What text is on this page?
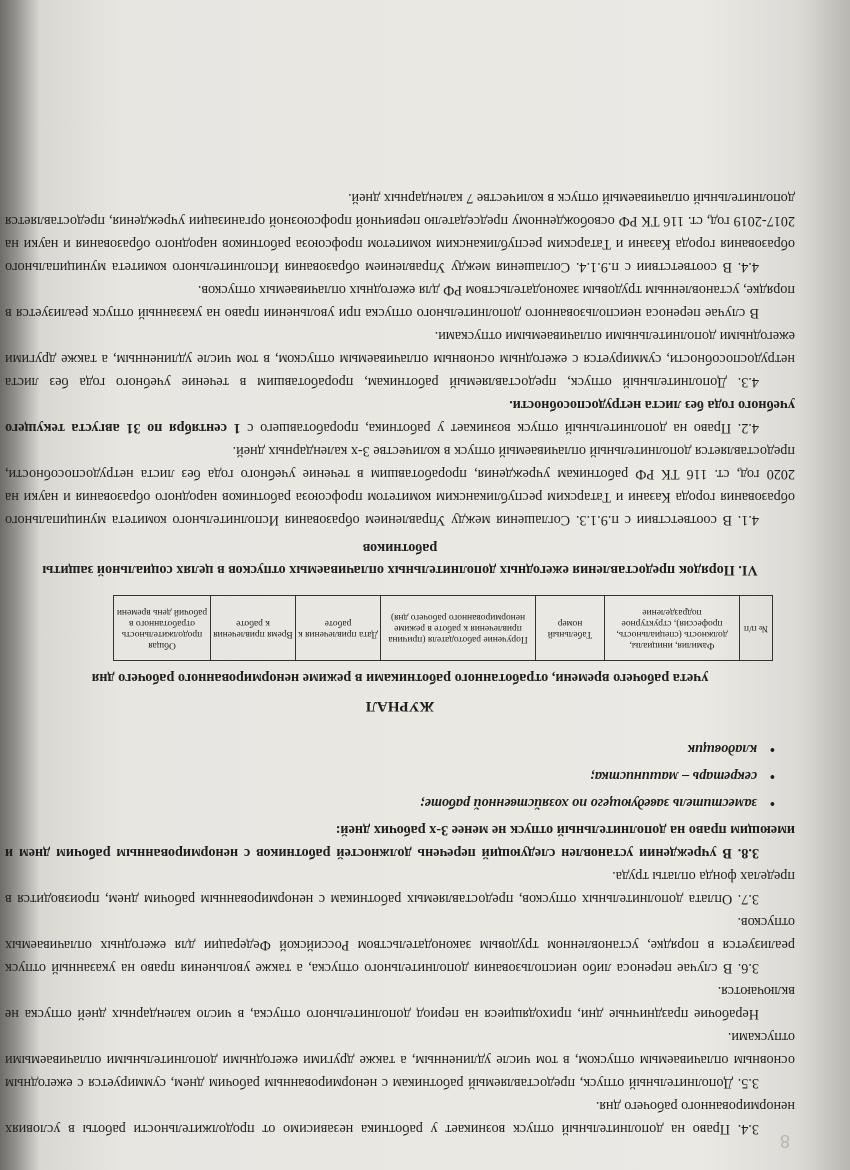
3.4. Право на дополнительный отпуск возникает у работника независимо от продолжительности работы в условиях ненормированного рабочего дня.

3.5. Дополнительный отпуск, предоставляемый работникам с ненормированным рабочим днем, суммируется с ежегодным основным оплачиваемым отпуском, в том числе удлиненным, а также другими ежегодными дополнительными оплачиваемыми отпусками.

Нерабочие праздничные дни, приходящиеся на период дополнительного отпуска, в число календарных дней отпуска не включаются.

3.6. В случае переноса либо неиспользования дополнительного отпуска, а также увольнения право на указанный отпуск реализуется в порядке, установленном трудовым законодательством Российской Федерации для ежегодных оплачиваемых отпусков.

3.7. Оплата дополнительных отпусков, предоставляемых работникам с ненормированным рабочим днем, производится в пределах фонда оплаты труда.

3.8. В учреждении установлен следующий перечень должностей работников с ненормированным рабочим днем и имеющим право на дополнительный отпуск не менее 3-х рабочих дней:

•заместитель заведующего по хозяйственной работе;
•секретарь – машинистка;
•кладовщик
ЖУРНАЛ
учета рабочего времени, отработанного работниками в режиме ненормированного рабочего дня
№ п/п	Фамилия, инициалы, должность (специальность, профессия), структурное подразделение	Табельный номер	Поручение работодателя (причина привлечения к работе в режиме ненормированного рабочего дня)	Дата привлечения к работе	Время привлечения к работе	Общая продолжительность отработанного в рабочий день времени

VI. Порядок предоставления ежегодных дополнительных оплачиваемых отпусков в целях социальной защиты работников

4.1. В соответствии с п.9.1.3. Соглашения между Управлением образования Исполнительного комитета муниципального образования города Казани и Татарским республиканским комитетом профсоюза работников народного образования и науки на 2020 год, ст. 116 ТК РФ работникам учреждения, проработавшим в течение учебного года без листа нетрудоспособности, предоставляется дополнительный оплачиваемый отпуск в количестве 3-х календарных дней.

4.2. Право на дополнительный отпуск возникает у работника, проработавшего с 1 сентября по 31 августа текущего учебного года без листа нетрудоспособности.

4.3. Дополнительный отпуск, предоставляемый работникам, проработавшим в течение учебного года без листа нетрудоспособности, суммируется с ежегодным основным оплачиваемым отпуском, в том числе удлиненным, а также другими ежегодными дополнительными оплачиваемыми отпусками.

В случае переноса неиспользованного дополнительного отпуска при увольнении право на указанный отпуск реализуется в порядке, установленным трудовым законодательством РФ для ежегодных оплачиваемых отпусков.

4.4. В соответствии с п.9.1.4. Соглашения между Управлением образования Исполнительного комитета муниципального образования города Казани и Татарским республиканским комитетом профсоюза работников народного образования и науки на 2017-2019 год, ст. 116 ТК РФ освобожденному председателю первичной профсоюзной организации учреждения, предоставляется дополнительный оплачиваемый отпуск в количестве 7 календарных дней.

8
